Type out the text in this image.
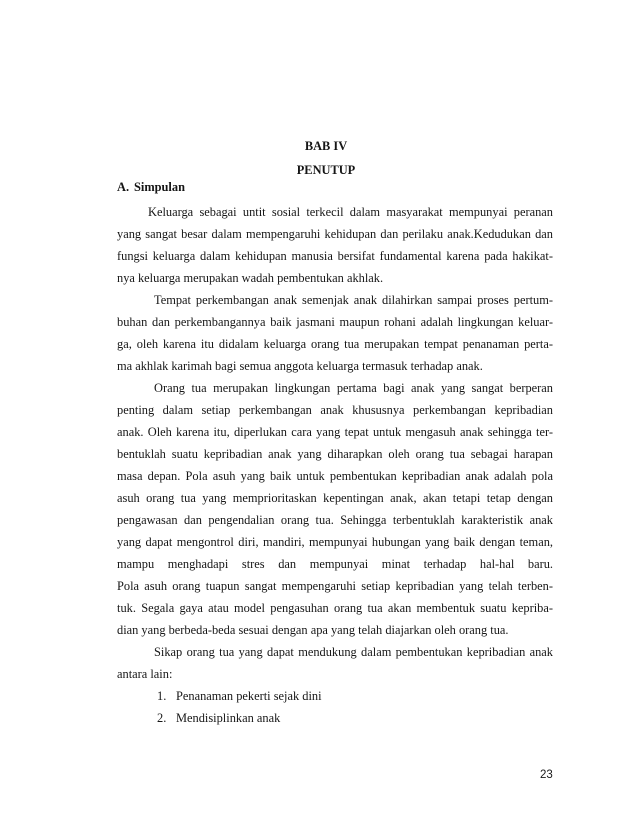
BAB IV
PENUTUP
A. Simpulan
Keluarga sebagai untit sosial terkecil dalam masyarakat mempunyai peranan
yang sangat besar dalam mempengaruhi kehidupan dan perilaku anak.Kedudukan dan
fungsi keluarga dalam kehidupan manusia bersifat fundamental karena pada hakikat-
nya keluarga merupakan wadah pembentukan akhlak.
Tempat perkembangan anak semenjak anak dilahirkan sampai proses pertum-
buhan dan perkembangannya baik jasmani maupun rohani adalah lingkungan keluar-
ga, oleh karena itu didalam keluarga orang tua merupakan tempat penanaman perta-
ma akhlak karimah bagi semua anggota keluarga termasuk terhadap anak.
Orang tua merupakan lingkungan pertama bagi anak yang sangat berperan
penting dalam setiap perkembangan anak khususnya perkembangan kepribadian
anak. Oleh karena itu, diperlukan cara yang tepat untuk mengasuh anak sehingga ter-
bentuklah suatu kepribadian anak yang diharapkan oleh orang tua sebagai harapan
masa depan. Pola asuh yang baik untuk pembentukan kepribadian anak adalah pola
asuh orang tua yang memprioritaskan kepentingan anak, akan tetapi tetap dengan
pengawasan dan pengendalian orang tua. Sehingga terbentuklah karakteristik anak
yang dapat mengontrol diri, mandiri, mempunyai hubungan yang baik dengan teman,
mampu menghadapi stres dan mempunyai minat terhadap hal-hal baru.
Pola asuh orang tuapun sangat mempengaruhi setiap kepribadian yang telah terben-
tuk. Segala gaya atau model pengasuhan orang tua akan membentuk suatu kepriba-
dian yang berbeda-beda sesuai dengan apa yang telah diajarkan oleh orang tua.
Sikap orang tua yang dapat mendukung dalam pembentukan kepribadian anak
antara lain:
1. Penanaman pekerti sejak dini
2. Mendisiplinkan anak
23
